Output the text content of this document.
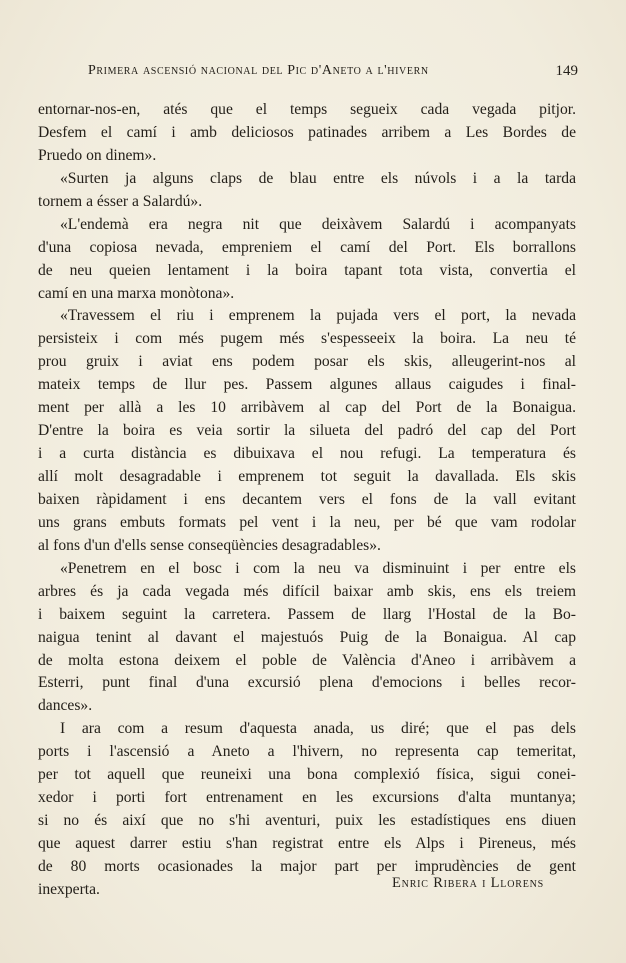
Primera ascensió nacional del Pic d'Aneto a l'hivern	149
entornar-nos-en, atés que el temps segueix cada vegada pitjor.
Desfem el camí i amb deliciosos patinades arribem a Les Bordes de
Pruedo on dinem».
«Surten ja alguns claps de blau entre els núvols i a la tarda
tornem a ésser a Salardú».
«L'endemà era negra nit que deixàvem Salardú i acompanyats
d'una copiosa nevada, empreniem el camí del Port. Els borrallons
de neu queien lentament i la boira tapant tota vista, convertia el
camí en una marxa monòtona».
«Travessem el riu i emprenem la pujada vers el port, la nevada
persisteix i com més pugem més s'espesseeix la boira. La neu té
prou gruix i aviat ens podem posar els skis, alleugerint-nos al
mateix temps de llur pes. Passem algunes allaus caigudes i final-
ment per allà a les 10 arribàvem al cap del Port de la Bonaigua.
D'entre la boira es veia sortir la silueta del padró del cap del Port
i a curta distància es dibuixava el nou refugi. La temperatura és
allí molt desagradable i emprenem tot seguit la davallada. Els skis
baixen ràpidament i ens decantem vers el fons de la vall evitant
uns grans embuts formats pel vent i la neu, per bé que vam rodolar
al fons d'un d'ells sense conseqüències desagradables».
«Penetrem en el bosc i com la neu va disminuint i per entre els
arbres és ja cada vegada més difícil baixar amb skis, ens els treiem
i baixem seguint la carretera. Passem de llarg l'Hostal de la Bo-
naigua tenint al davant el majestuós Puig de la Bonaigua. Al cap
de molta estona deixem el poble de València d'Aneo i arribàvem a
Esterri, punt final d'una excursió plena d'emocions i belles recor-
dances».
I ara com a resum d'aquesta anada, us diré; que el pas dels
ports i l'ascensió a Aneto a l'hivern, no representa cap temeritat,
per tot aquell que reuneixi una bona complexió física, sigui conei-
xedor i porti fort entrenament en les excursions d'alta muntanya;
si no és així que no s'hi aventuri, puix les estadístiques ens diuen
que aquest darrer estiu s'han registrat entre els Alps i Pireneus, més
de 80 morts ocasionades la major part per imprudències de gent
inexperta.	Enric Ribera i Llorens
